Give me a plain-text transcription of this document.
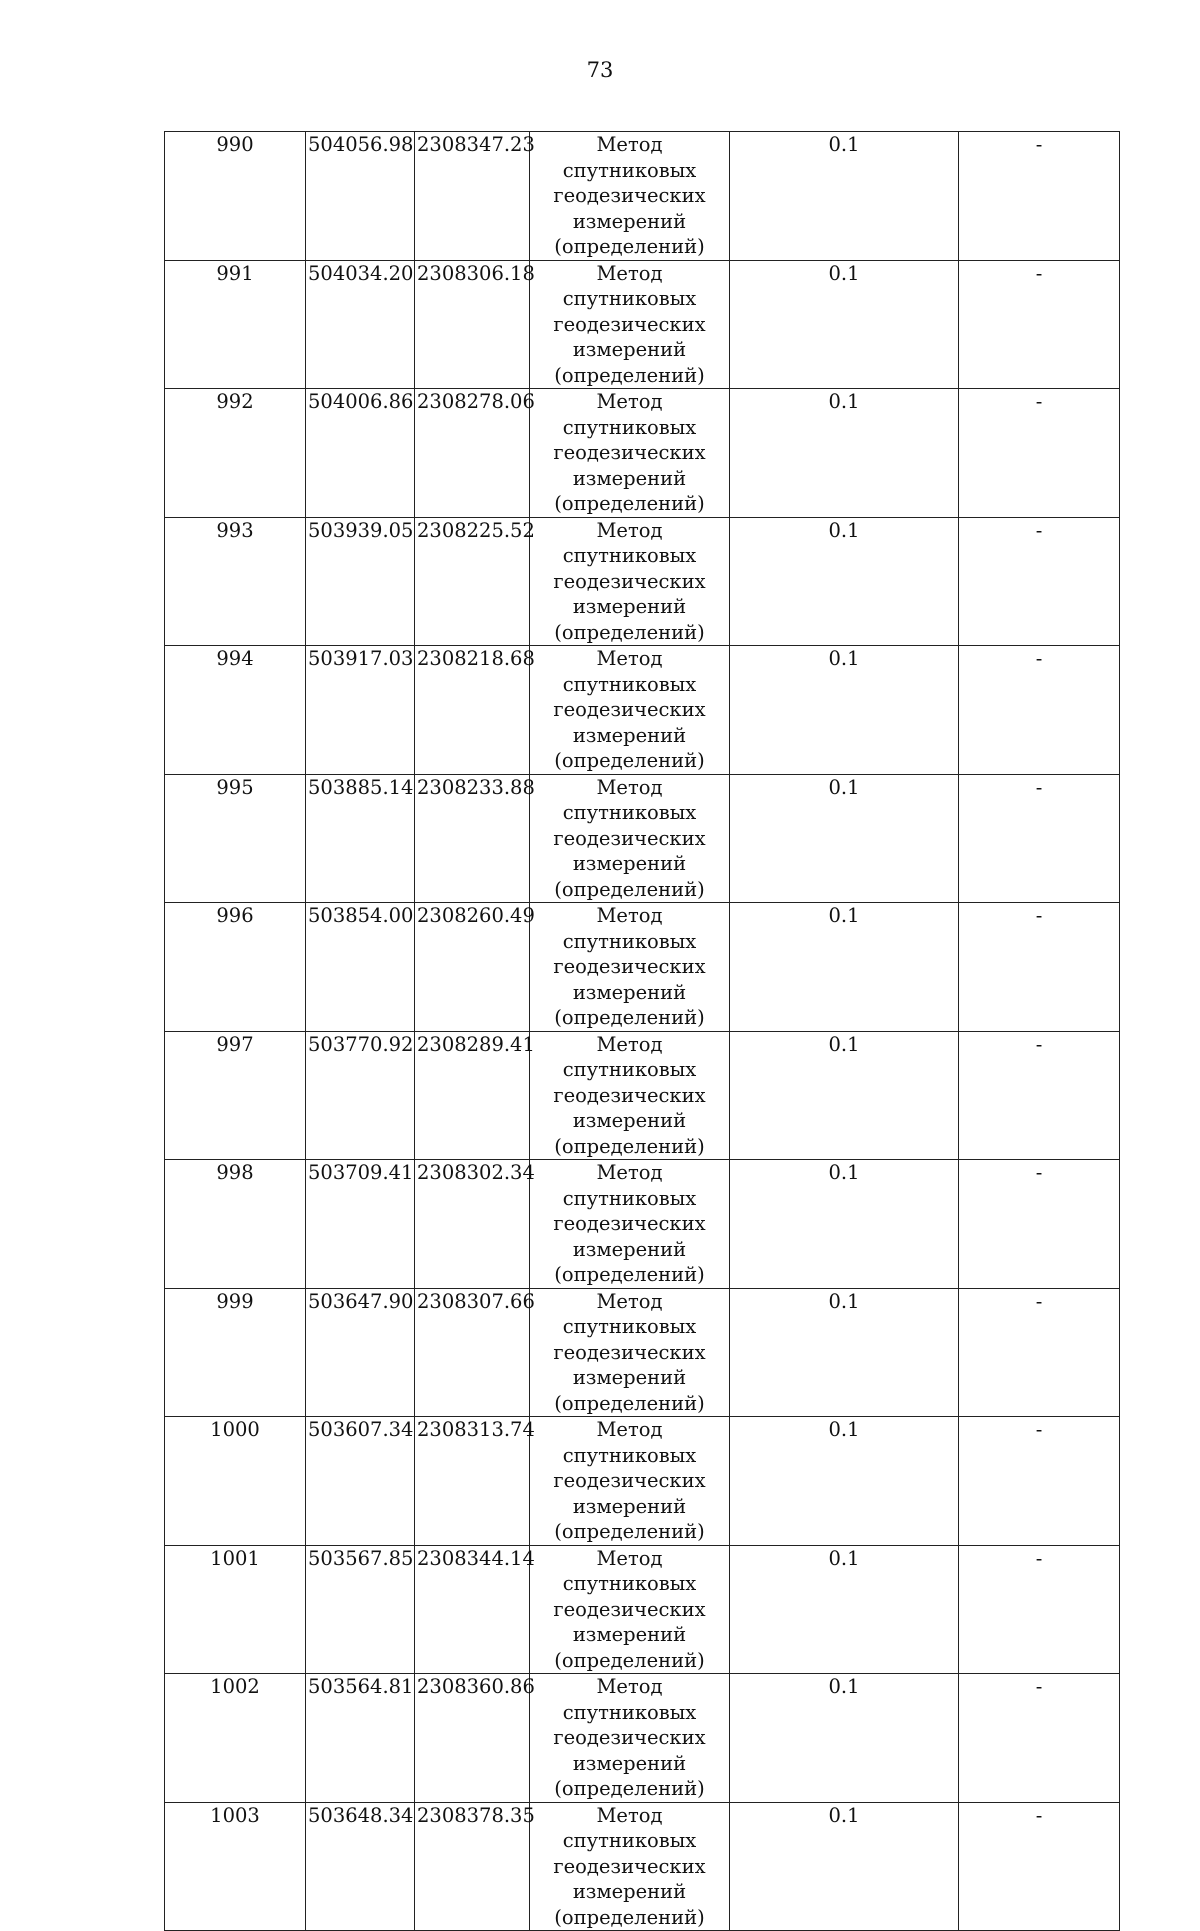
73
990	504056.98	2308347.23	Метод спутниковых
геодезических
измерений
(определений)	0.1	-
991	504034.20	2308306.18	Метод спутниковых
геодезических
измерений
(определений)	0.1	-
992	504006.86	2308278.06	Метод спутниковых
геодезических
измерений
(определений)	0.1	-
993	503939.05	2308225.52	Метод спутниковых
геодезических
измерений
(определений)	0.1	-
994	503917.03	2308218.68	Метод спутниковых
геодезических
измерений
(определений)	0.1	-
995	503885.14	2308233.88	Метод спутниковых
геодезических
измерений
(определений)	0.1	-
996	503854.00	2308260.49	Метод спутниковых
геодезических
измерений
(определений)	0.1	-
997	503770.92	2308289.41	Метод спутниковых
геодезических
измерений
(определений)	0.1	-
998	503709.41	2308302.34	Метод спутниковых
геодезических
измерений
(определений)	0.1	-
999	503647.90	2308307.66	Метод спутниковых
геодезических
измерений
(определений)	0.1	-
1000	503607.34	2308313.74	Метод спутниковых
геодезических
измерений
(определений)	0.1	-
1001	503567.85	2308344.14	Метод спутниковых
геодезических
измерений
(определений)	0.1	-
1002	503564.81	2308360.86	Метод спутниковых
геодезических
измерений
(определений)	0.1	-
1003	503648.34	2308378.35	Метод спутниковых
геодезических
измерений
(определений)	0.1	-
